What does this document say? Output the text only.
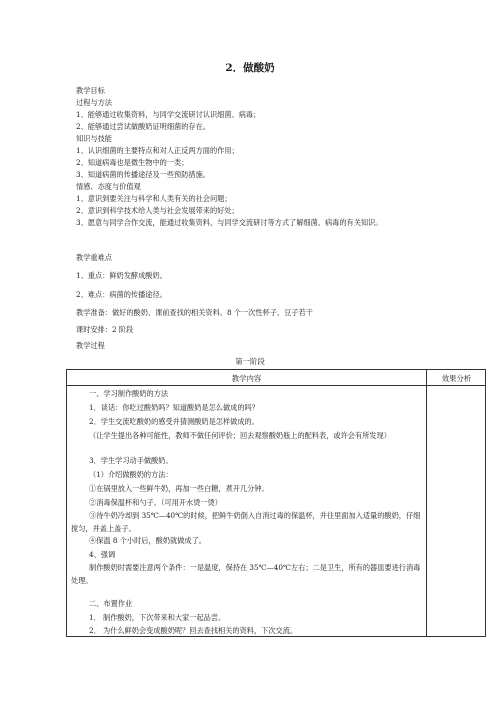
2．做酸奶
教学目标
过程与方法
1、能够通过收集资料，与同学交流研讨认识细菌、病毒；
2、能够通过尝试做酸奶证明细菌的存在。
知识与技能
1、认识细菌的主要特点和对人正反两方面的作用；
2、知道病毒也是微生物中的一类；
3、知道病菌的传播途径及一些预防措施。
情感、态度与价值观
1、意识到要关注与科学和人类有关的社会问题；
2、意识到科学技术给人类与社会发展带来的好处；
3、愿意与同学合作交流，能通过收集资料，与同学交流研讨等方式了解细菌、病毒的有关知识。
教学重难点
1、重点：鲜奶发酵成酸奶。
2、难点：病菌的传播途径。
教学准备：做好的酸奶、课前查找的相关资料、8 个一次性杯子、豆子若干
课时安排：2 阶段
教学过程
第一阶段
教学内容	效果分析
一、学习制作酸奶的方法
1．谈话：你吃过酸奶吗？知道酸奶是怎么做成的吗？
2．学生交流吃酸奶的感受并猜测酸奶是怎样做成的。
（让学生提出各种可能性，教师不做任何评价；回去观察酸奶瓶上的配料表，或许会有所发现）
3．学生学习动手做酸奶。
（1）介绍做酸奶的方法：
①在锅里放入一些鲜牛奶，再加一些白糖，煮开几分钟。
②消毒保温杯和勺子。（可用开水烫一烫）
③待牛奶冷却到 35℃—40℃的时候，把鲜牛奶倒入自消过毒的保温杯，并往里面加入适量的酸奶，仔细搅匀，并盖上盖子。
④保温 8 个小时后，酸奶就做成了。
4、强调
制作酸奶时需要注意两个条件：一是温度，保持在 35℃—40℃左右；二是卫生，所有的器皿要进行消毒处理。
二、布置作业
1． 制作酸奶，下次带来和大家一起品尝。
2． 为什么鲜奶会变成酸奶呢？回去查找相关的资料，下次交流。
